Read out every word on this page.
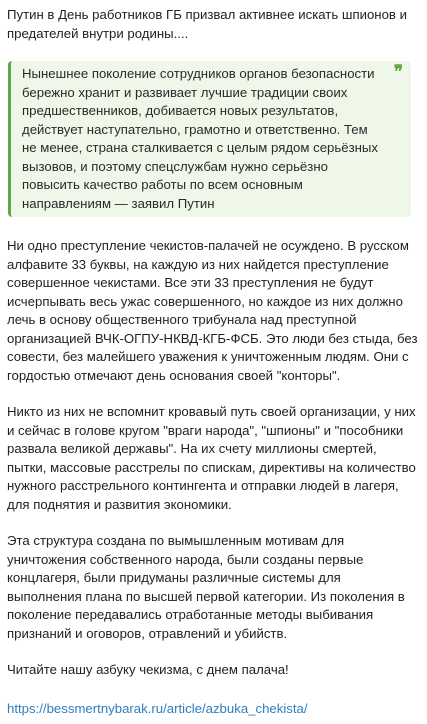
Путин в День работников ГБ призвал активнее искать шпионов и предателей внутри родины....

❞

Нынешнее поколение сотрудников органов безопасности бережно хранит и развивает лучшие традиции своих предшественников, добивается новых результатов, действует наступательно, грамотно и ответственно. Тем не менее, страна сталкивается с целым рядом серьёзных вызовов, и поэтому спецслужбам нужно серьёзно повысить качество работы по всем основным направлениям — заявил Путин

Ни одно преступление чекистов-палачей не осуждено. В русском алфавите 33 буквы, на каждую из них найдется преступление совершенное чекистами. Все эти 33 преступления не будут исчерпывать весь ужас совершенного, но каждое из них должно лечь в основу общественного трибунала над преступной организацией ВЧК-ОГПУ-НКВД-КГБ-ФСБ. Это люди без стыда, без совести, без малейшего уважения к уничтоженным людям. Они с гордостью отмечают день основания своей "конторы".

Никто из них не вспомнит кровавый путь своей организации, у них и сейчас в голове кругом "враги народа", "шпионы" и "пособники развала великой державы". На их счету миллионы смертей, пытки, массовые расстрелы по спискам, директивы на количество нужного расстрельного контингента и отправки людей в лагеря, для поднятия и развития экономики.

Эта структура создана по вымышленным мотивам для уничтожения собственного народа, были созданы первые концлагеря, были придуманы различные системы для выполнения плана по высшей первой категории. Из поколения в поколение передавались отработанные методы выбивания признаний и оговоров, отравлений и убийств.

Читайте нашу азбуку чекизма, с днем палача!

https://bessmertnybarak.ru/article/azbuka_chekista/
